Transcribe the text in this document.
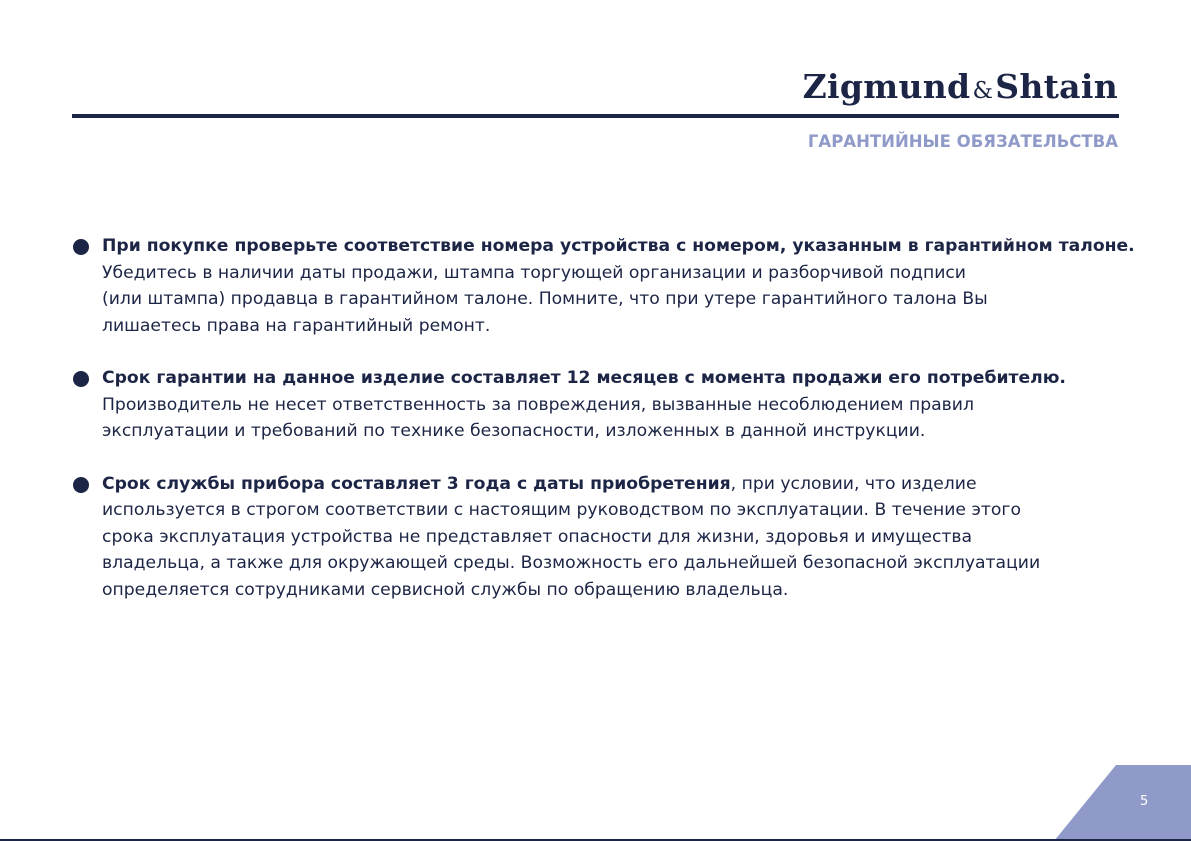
Zigmund&Shtain
ГАРАНТИЙНЫЕ ОБЯЗАТЕЛЬСТВА
При покупке проверьте соответствие номера устройства с номером, указанным в гарантийном талоне.
Убедитесь в наличии даты продажи, штампа торгующей организации и разборчивой подписи
(или штампа) продавца в гарантийном талоне. Помните, что при утере гарантийного талона Вы
лишаетесь права на гарантийный ремонт.
Срок гарантии на данное изделие составляет 12 месяцев с момента продажи его потребителю.
Производитель не несет ответственность за повреждения, вызванные несоблюдением правил
эксплуатации и требований по технике безопасности, изложенных в данной инструкции.
Срок службы прибора составляет 3 года с даты приобретения, при условии, что изделие
используется в строгом соответствии с настоящим руководством по эксплуатации. В течение этого
срока эксплуатация устройства не представляет опасности для жизни, здоровья и имущества
владельца, а также для окружающей среды. Возможность его дальнейшей безопасной эксплуатации
определяется сотрудниками сервисной службы по обращению владельца.
5
